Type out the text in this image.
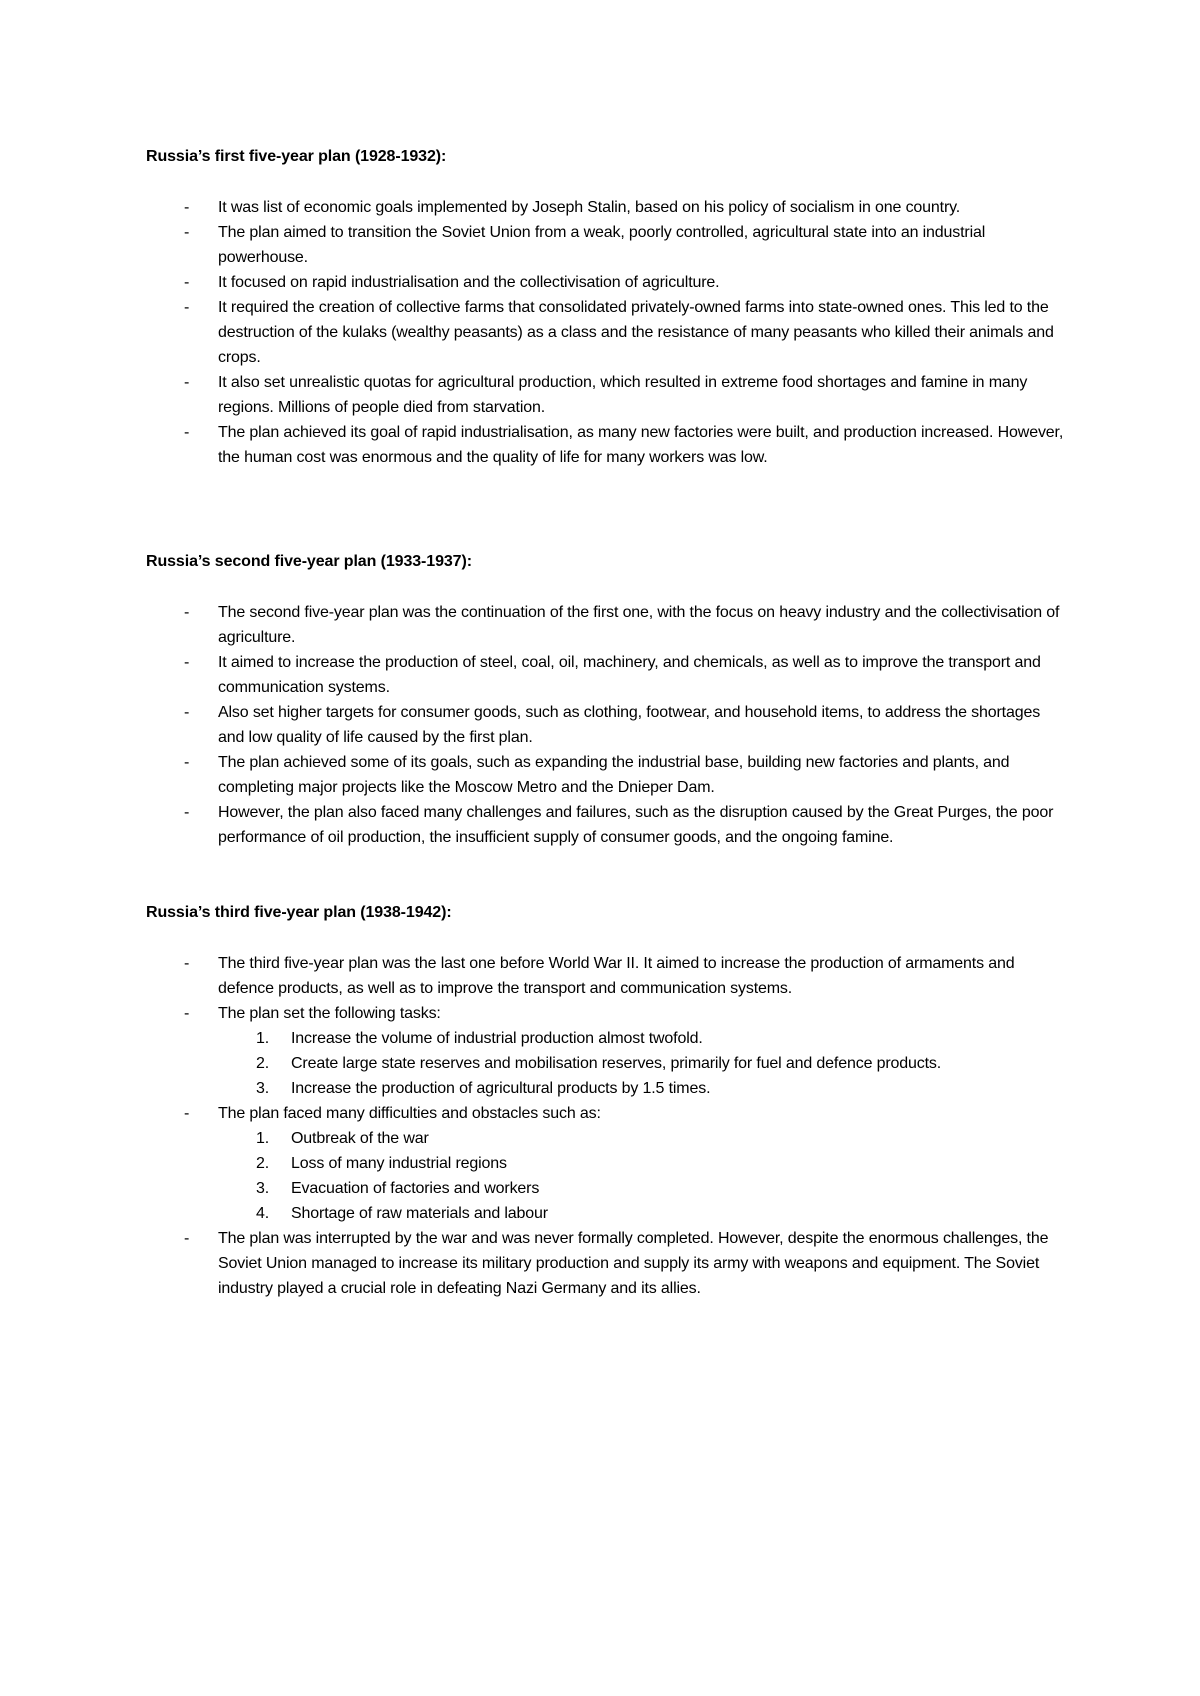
Russia’s first five-year plan (1928-1932):

- It was list of economic goals implemented by Joseph Stalin, based on his policy of socialism in one country.
- The plan aimed to transition the Soviet Union from a weak, poorly controlled, agricultural state into an industrial powerhouse.
- It focused on rapid industrialisation and the collectivisation of agriculture.
- It required the creation of collective farms that consolidated privately-owned farms into state-owned ones. This led to the destruction of the kulaks (wealthy peasants) as a class and the resistance of many peasants who killed their animals and crops.
- It also set unrealistic quotas for agricultural production, which resulted in extreme food shortages and famine in many regions. Millions of people died from starvation.
- The plan achieved its goal of rapid industrialisation, as many new factories were built, and production increased. However, the human cost was enormous and the quality of life for many workers was low.

Russia’s second five-year plan (1933-1937):

- The second five-year plan was the continuation of the first one, with the focus on heavy industry and the collectivisation of agriculture.
- It aimed to increase the production of steel, coal, oil, machinery, and chemicals, as well as to improve the transport and communication systems.
- Also set higher targets for consumer goods, such as clothing, footwear, and household items, to address the shortages and low quality of life caused by the first plan.
- The plan achieved some of its goals, such as expanding the industrial base, building new factories and plants, and completing major projects like the Moscow Metro and the Dnieper Dam.
- However, the plan also faced many challenges and failures, such as the disruption caused by the Great Purges, the poor performance of oil production, the insufficient supply of consumer goods, and the ongoing famine.

Russia’s third five-year plan (1938-1942):

- The third five-year plan was the last one before World War II. It aimed to increase the production of armaments and defence products, as well as to improve the transport and communication systems.
- The plan set the following tasks:
1. Increase the volume of industrial production almost twofold.
2. Create large state reserves and mobilisation reserves, primarily for fuel and defence products.
3. Increase the production of agricultural products by 1.5 times.
- The plan faced many difficulties and obstacles such as:
1. Outbreak of the war
2. Loss of many industrial regions
3. Evacuation of factories and workers
4. Shortage of raw materials and labour
- The plan was interrupted by the war and was never formally completed. However, despite the enormous challenges, the Soviet Union managed to increase its military production and supply its army with weapons and equipment. The Soviet industry played a crucial role in defeating Nazi Germany and its allies.
